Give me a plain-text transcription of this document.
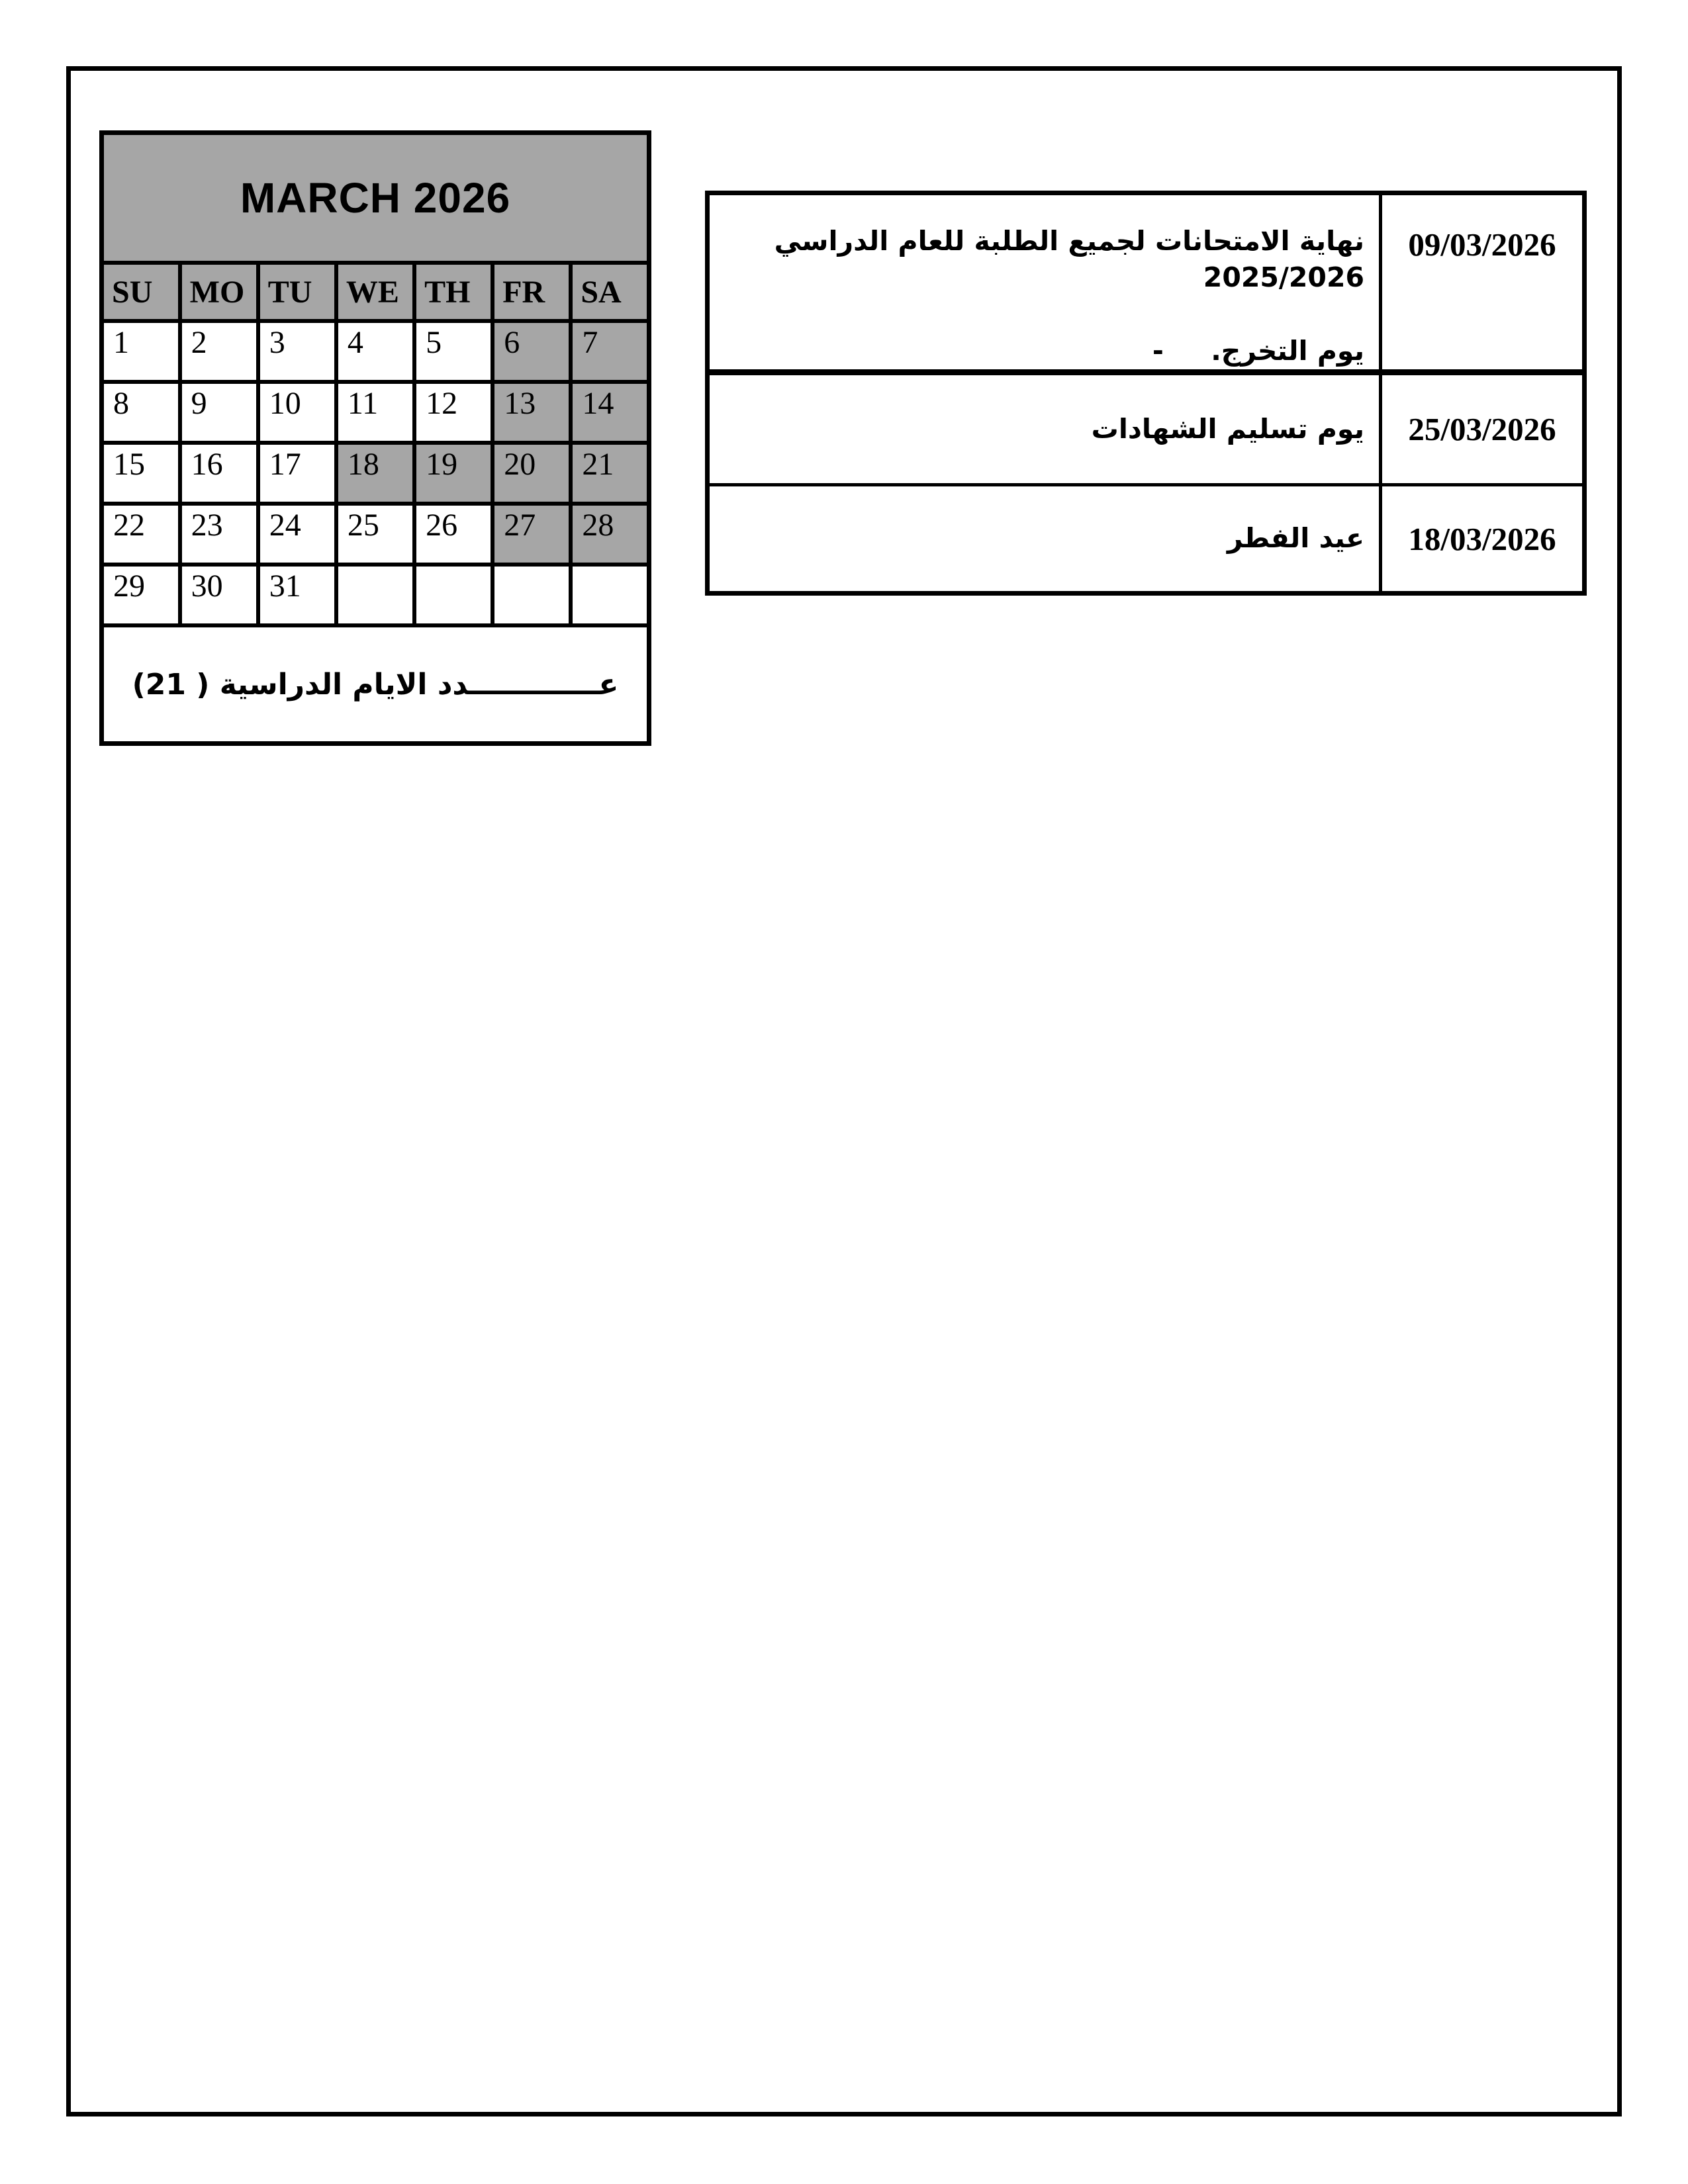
MARCH 2026						
SU	MO	TU	WE	TH	FR	SA
1	2	3	4	5	6	7
8	9	10	11	12	13	14
15	16	17	18	19	20	21
22	23	24	25	26	27	28
29	30	31				
عـــــــــــــدد الايام الدراسية ( 21)						
نهاية الامتحانات لجميع الطلبة للعام الدراسي 2025/2026
يوم التخرج.     -	09/03/2026

يوم تسليم الشهادات	25/03/2026

عيد الفطر	18/03/2026
